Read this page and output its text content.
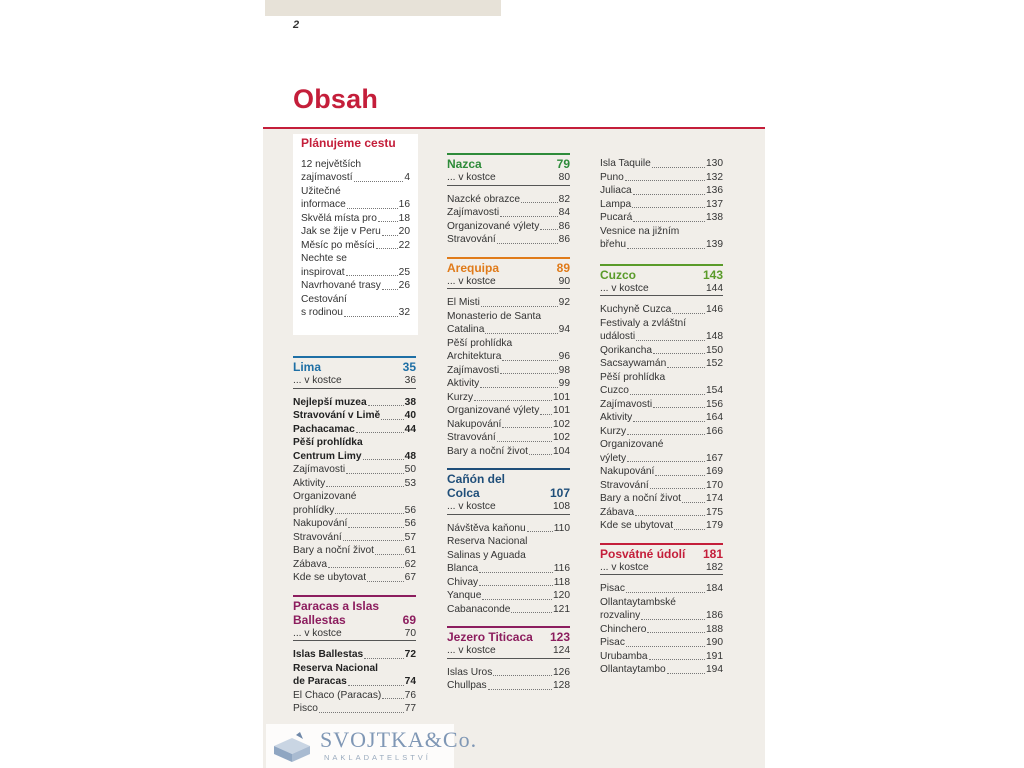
2
Obsah
Plánujeme cestu
12 největších
zajímavostí	4
Užitečné
informace	16
Skvělá místa pro 18
Jak se žije v Peru 20
Měsíc po měsíci 22
Nechte se
inspirovat	25
Navrhované trasy 26
Cestování
s rodinou	32
Lima	35
... v kostce	36
Nejlepší muzea	38
Stravování v Limě 40
Pachacamac	44
Pěší prohlídka
Centrum Limy	48
Zajímavosti	50
Aktivity	53
Organizované
prohlídky	56
Nakupování	56
Stravování	57
Bary a noční život	61
Zábava	62
Kde se ubytovat	67
Paracas a Islas
Ballestas	69
... v kostce	70
Islas Ballestas	72
Reserva Nacional
de Paracas	74
El Chaco (Paracas) 76
Pisco	77
Nazca	79
... v kostce	80
Nazcké obrazce	82
Zajímavosti	84
Organizované výlety 86
Stravování	86
Arequipa	89
... v kostce	90
El Misti	92
Monasterio de Santa
Catalina	94
Pěší prohlídka
Architektura	96
Zajímavosti	98
Aktivity	99
Kurzy	101
Organizované výlety 101
Nakupování	102
Stravování	102
Bary a noční život 104
Cañón del
Colca	107
... v kostce	108
Návštěva kaňonu	110
Reserva Nacional
Salinas y Aguada
Blanca	116
Chivay	118
Yanque	120
Cabanaconde	121
Jezero Titicaca 123
... v kostce	124
Islas Uros	126
Chullpas	128
Isla Taquile	130
Puno	132
Juliaca	136
Lampa	137
Pucará	138
Vesnice na jižním
břehu	139
Cuzco	143
... v kostce	144
Kuchyně Cuzca	146
Festivaly a zvláštní
události	148
Qorikancha	150
Sacsaywamán	152
Pěší prohlídka
Cuzco	154
Zajímavosti	156
Aktivity	164
Kurzy	166
Organizované
výlety	167
Nakupování	169
Stravování	170
Bary a noční život 174
Zábava	175
Kde se ubytovat	179
Posvátné údolí 181
... v kostce	182
Pisac	184
Ollantaytambské
rozvaliny	186
Chinchero	188
Pisac	190
Urubamba	191
Ollantaytambo	194
SVOJTKA&Co.
NAKLADATELSTVÍ
